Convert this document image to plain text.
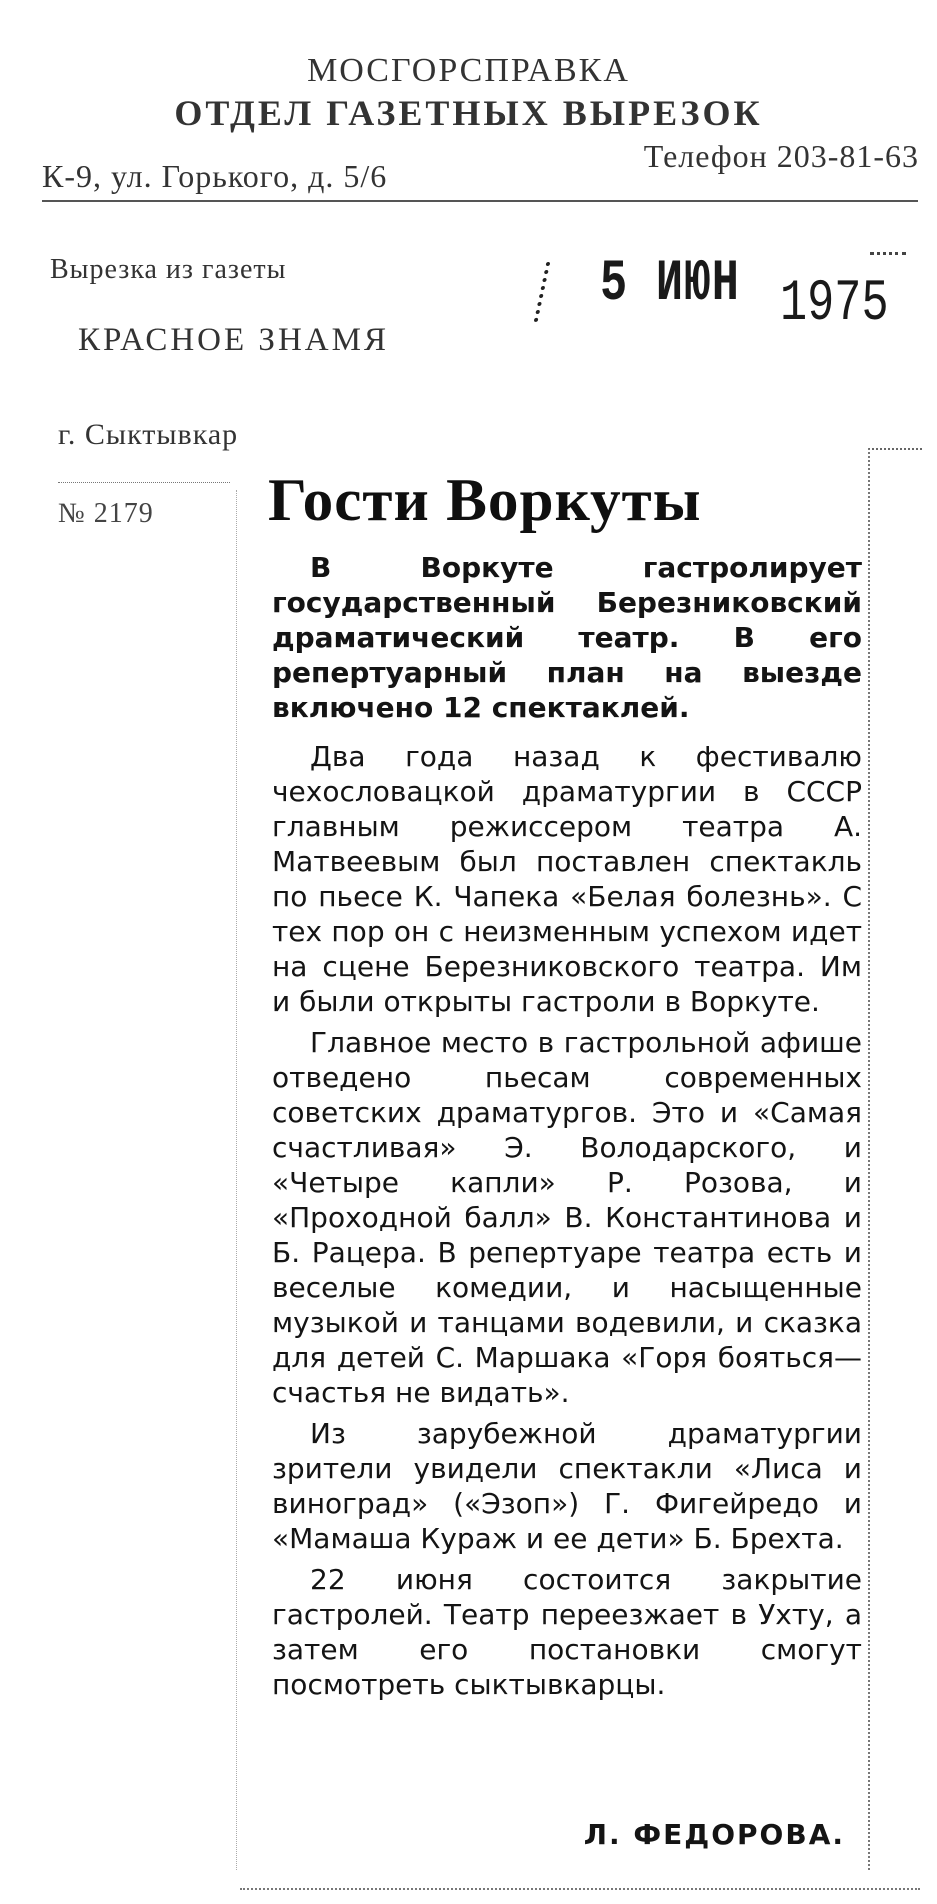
МОСГОРСПРАВКА
ОТДЕЛ ГАЗЕТНЫХ ВЫРЕЗОК
К-9, ул. Горького, д. 5/6
Телефон 203-81-63
Вырезка из газеты
КРАСНОЕ ЗНАМЯ
5 ИЮН 1975
г. Сыктывкар
№ 2179 Гости Воркуты

В Воркуте гастролирует государственный Березниковский драматический театр. В его репертуарный план на выезде включено 12 спектаклей.

Два года назад к фестивалю чехословацкой драматургии в СССР главным режиссером театра А. Матвеевым был поставлен спектакль по пьесе К. Чапека «Белая болезнь». С тех пор он с неизменным успехом идет на сцене Березниковского театра. Им и были открыты гастроли в Воркуте.

Главное место в гастрольной афише отведено пьесам современных советских драматургов. Это и «Самая счастливая» Э. Володарского, и «Четыре капли» Р. Розова, и «Проходной балл» В. Константинова и Б. Рацера. В репертуаре театра есть и веселые комедии, и насыщенные музыкой и танцами водевили, и сказка для детей С. Маршака «Горя бояться—счастья не видать».

Из зарубежной драматургии зрители увидели спектакли «Лиса и виноград» («Эзоп») Г. Фигейредо и «Мамаша Кураж и ее дети» Б. Брехта.

22 июня состоится закрытие гастролей. Театр переезжает в Ухту, а затем его постановки смогут посмотреть сыктывкарцы.

Л. ФЕДОРОВА.
